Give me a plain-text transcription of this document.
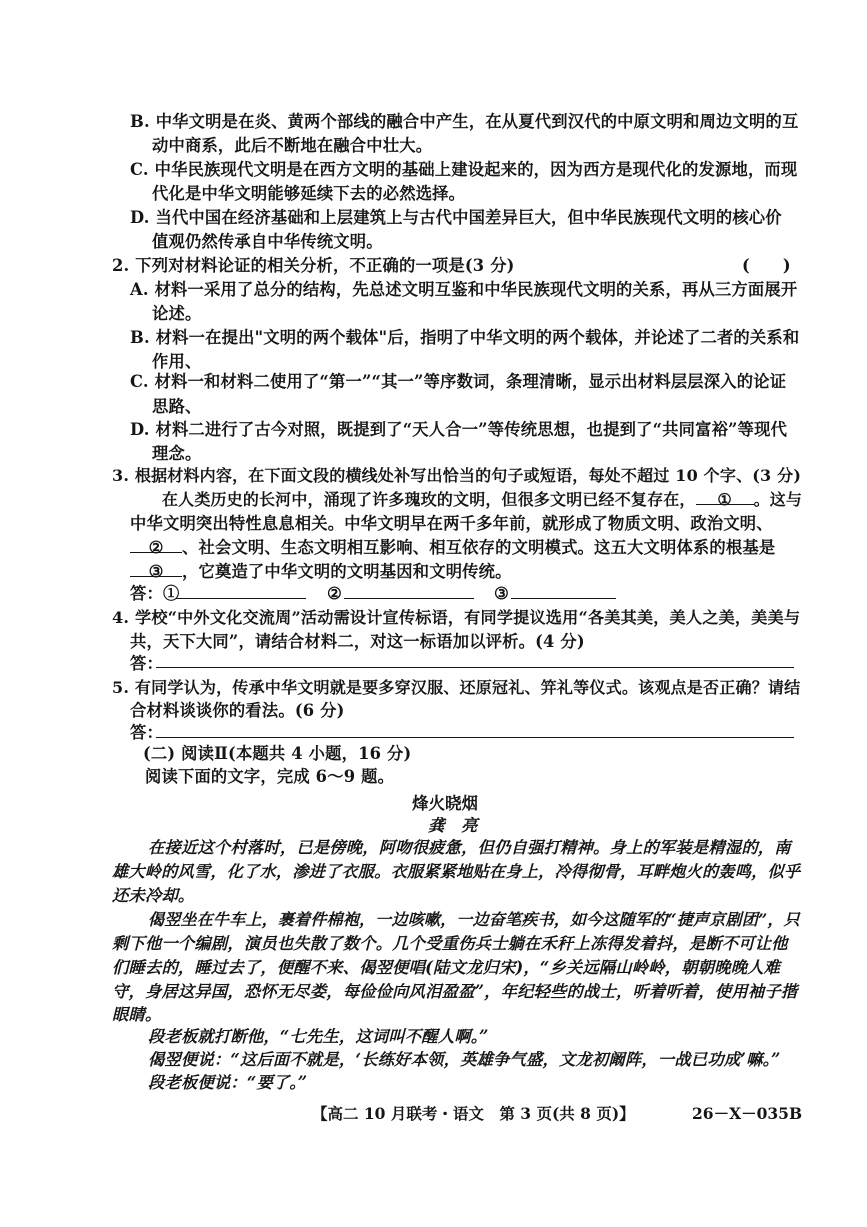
B. 中华文明是在炎、黄两个部线的融合中产生，在从夏代到汉代的中原文明和周边文明的互
动中商系，此后不断地在融合中壮大。
C. 中华民族现代文明是在西方文明的基础上建设起来的，因为西方是现代化的发源地，而现
代化是中华文明能够延续下去的必然选择。
D. 当代中国在经济基础和上层建筑上与古代中国差异巨大，但中华民族现代文明的核心价
值观仍然传承自中华传统文明。
2. 下列对材料论证的相关分析，不正确的一项是(3 分)	(　　)
A. 材料一采用了总分的结构，先总述文明互鉴和中华民族现代文明的关系，再从三方面展开
论述。
B. 材料一在提出"文明的两个载体"后，指明了中华文明的两个载体，并论述了二者的关系和
作用、
C. 材料一和材料二使用了“第一”“其一”等序数词，条理清晰，显示出材料层层深入的论证
思路、
D. 材料二进行了古今对照，既提到了“天人合一”等传统思想，也提到了“共同富裕”等现代
理念。
3. 根据材料内容，在下面文段的横线处补写出恰当的句子或短语，每处不超过 10 个字、(3 分)
在人类历史的长河中，涌现了许多瑰玫的文明，但很多文明已经不复存在， ① 。这与
中华文明突出特性息息相关。中华文明早在两千多年前，就形成了物质文明、政治文明、
② 、社会文明、生态文明相互影响、相互依存的文明模式。这五大文明体系的根基是
③ ，它奠造了中华文明的文明基因和文明传统。
答：①	②	③
4. 学校“中外文化交流周”活动需设计宣传标语，有同学提议选用“各美其美，美人之美，美美与
共，天下大同”，请结合材料二，对这一标语加以评析。(4 分)
答：
5. 有同学认为，传承中华文明就是要多穿汉服、还原冠礼、笄礼等仪式。该观点是否正确？请结
合材料谈谈你的看法。(6 分)
答：
(二) 阅读Ⅱ(本题共 4 小题，16 分)
阅读下面的文字，完成 6～9 题。
烽火晓烟
龚　亮
在接近这个村落时，已是傍晚，阿吻很疲惫，但仍自强打精神。身上的军装是精湿的，南
雄大岭的风雪，化了水，渗进了衣服。衣服紧紧地贴在身上，冷得彻骨，耳畔炮火的轰鸣，似乎
还未冷却。
偈翌坐在牛车上，裹着件棉袍，一边咳嗽，一边奋笔疾书，如今这随军的“捷声京剧团”，只
剩下他一个编剧，演员也失散了数个。几个受重伤兵士躺在禾秆上冻得发着抖，是断不可让他
们睡去的，睡过去了，便醒不来、偈翌便唱(陆文龙归宋)，“乡关远隔山岭岭，朝朝晚晚人难
守，身居这异国，恐怀无尽娄，每俭俭向风泪盈盈”，年纪轻些的战士，听着听着，使用袖子揩
眼睛。
段老板就打断他，“七先生，这词叫不醒人啊。”
偈翌便说：“这后面不就是，‘长练好本领，英雄争气盛，文龙初阚阵，一战已功成’嘛。”
段老板便说：“要了。”
【高二 10 月联考・语文　第 3 页(共 8 页)】	26－X－035B
